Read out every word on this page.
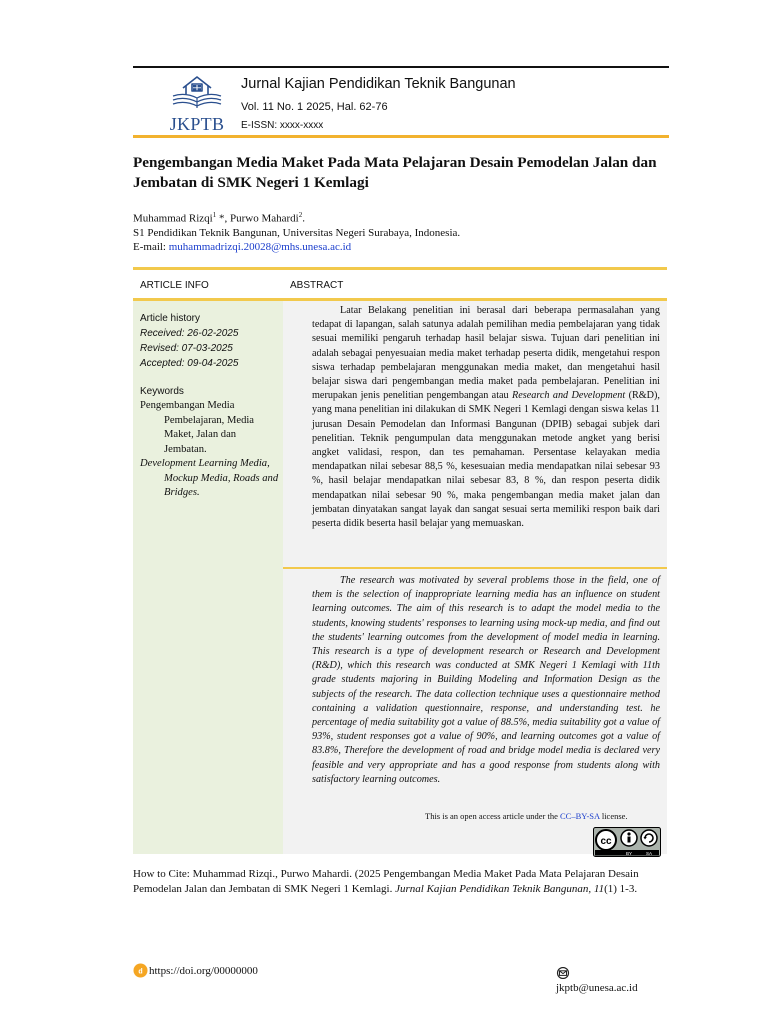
JKPTB
Jurnal Kajian Pendidikan Teknik Bangunan
Vol. 11 No. 1 2025, Hal. 62-76
E-ISSN: xxxx-xxxx
Pengembangan Media Maket Pada Mata Pelajaran Desain Pemodelan Jalan dan Jembatan di SMK Negeri 1 Kemlagi
Muhammad Rizqi$^1$ *, Purwo Mahardi$^2$.
S1 Pendidikan Teknik Bangunan, Universitas Negeri Surabaya, Indonesia.
E-mail: muhammadrizqi.20028@mhs.unesa.ac.id
ARTICLE INFO	ABSTRACT
Article history
Received: 26-02-2025
Revised: 07-03-2025
Accepted: 09-04-2025
Keywords
Pengembangan Media Pembelajaran, Media Maket, Jalan dan Jembatan.
Development Learning Media, Mockup Media, Roads and Bridges.
Latar Belakang penelitian ini berasal dari beberapa permasalahan yang tedapat di lapangan, salah satunya adalah pemilihan media pembelajaran yang tidak sesuai memiliki pengaruh terhadap hasil belajar siswa. Tujuan dari penelitian ini adalah sebagai penyesuaian media maket terhadap peserta didik, mengetahui respon siswa terhadap pembelajaran menggunakan media maket, dan mengetahui hasil belajar siswa dari pengembangan media maket pada pembelajaran. Penelitian ini merupakan jenis penelitian pengembangan atau Research and Development (R&D), yang mana penelitian ini dilakukan di SMK Negeri 1 Kemlagi dengan siswa kelas 11 jurusan Desain Pemodelan dan Informasi Bangunan (DPIB) sebagai subjek dari penelitian. Teknik pengumpulan data menggunakan metode angket yang berisi angket validasi, respon, dan tes pemahaman. Persentase kelayakan media mendapatkan nilai sebesar 88,5 %, kesesuaian media mendapatkan nilai sebesar 93 %, hasil belajar mendapatkan nilai sebesar 83, 8 %, dan respon peserta didik mendapatkan nilai sebesar 90 %, maka pengembangan media maket jalan dan jembatan dinyatakan sangat layak dan sangat sesuai serta memiliki respon baik dari peserta didik beserta hasil belajar yang memuaskan.
The research was motivated by several problems those in the field, one of them is the selection of inappropriate learning media has an influence on student learning outcomes. The aim of this research is to adapt the model media to the students, knowing students' responses to learning using mock-up media, and find out the students' learning outcomes from the development of model media in learning. This research is a type of development research or Research and Development (R&D), which this research was conducted at SMK Negeri 1 Kemlagi with 11th grade students majoring in Building Modeling and Information Design as the subjects of the research. The data collection technique uses a questionnaire method containing a validation questionnaire, response, and understanding test. he percentage of media suitability got a value of 88.5%, media suitability got a value of 93%, student responses got a value of 90%, and learning outcomes got a value of 83.8%, Therefore the development of road and bridge model media is declared very feasible and very appropriate and has a good response from students along with satisfactory learning outcomes.
This is an open access article under the CC–BY-SA license.
cc
BY	SA
How to Cite: Muhammad Rizqi., Purwo Mahardi. (2025 Pengembangan Media Maket Pada Mata Pelajaran Desain Pemodelan Jalan dan Jembatan di SMK Negeri 1 Kemlagi. Jurnal Kajian Pendidikan Teknik Bangunan, 11(1) 1-3.
d https://doi.org/00000000
jkptb@unesa.ac.id
